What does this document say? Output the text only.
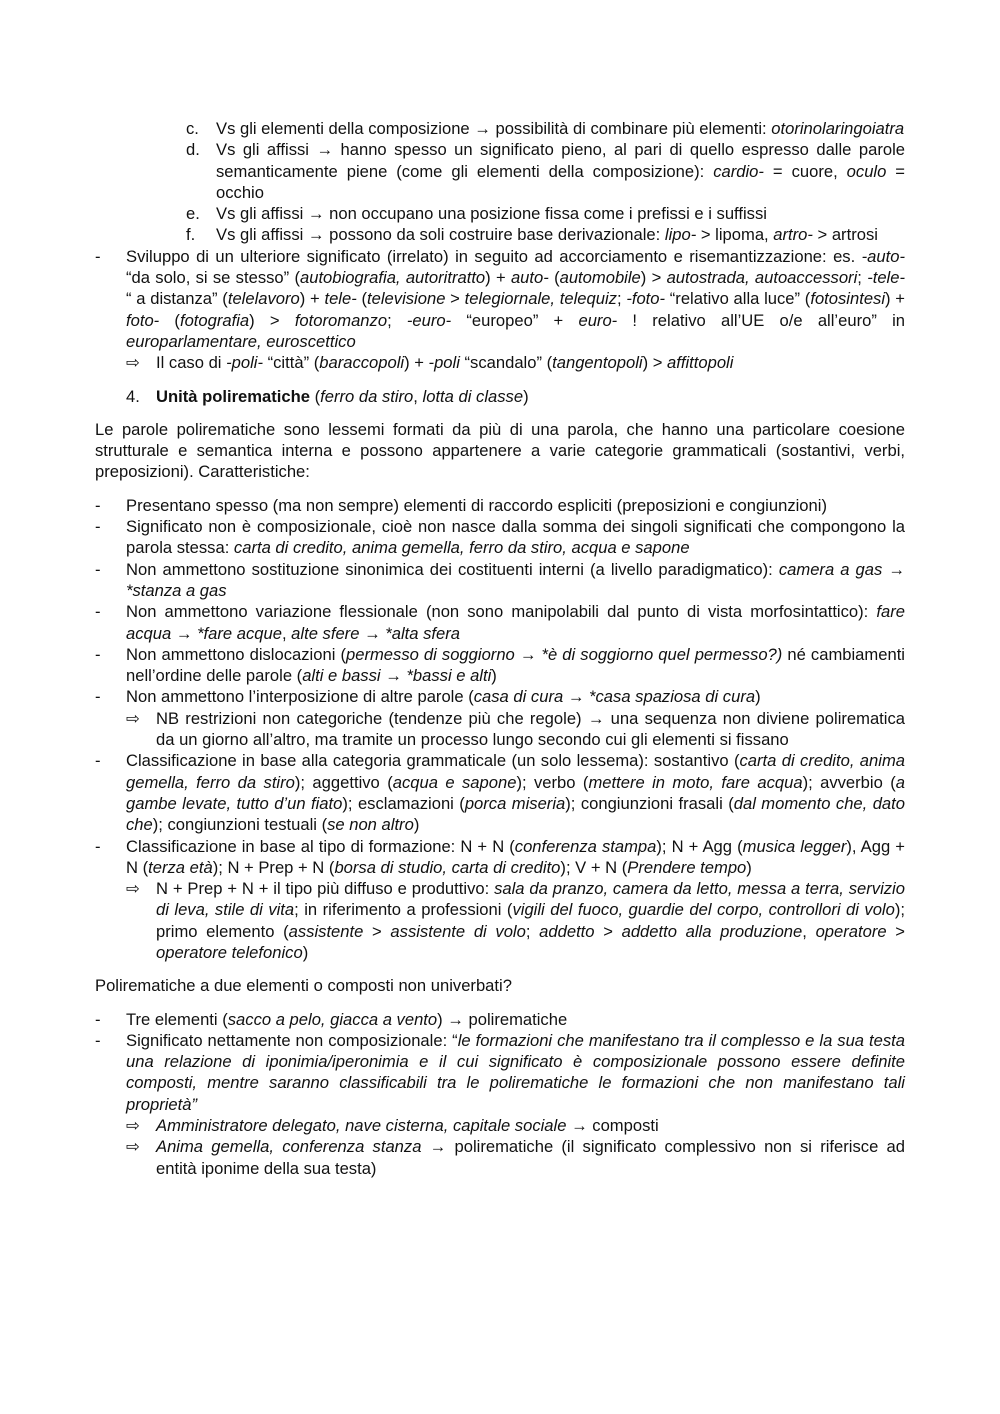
c. Vs gli elementi della composizione → possibilità di combinare più elementi: otorinolaringoiatra
d. Vs gli affissi → hanno spesso un significato pieno, al pari di quello espresso dalle parole semanticamente piene (come gli elementi della composizione): cardio- = cuore, oculo = occhio
e. Vs gli affissi → non occupano una posizione fissa come i prefissi e i suffissi
f. Vs gli affissi → possono da soli costruire base derivazionale: lipo- > lipoma, artro- > artrosi
- Sviluppo di un ulteriore significato (irrelato) in seguito ad accorciamento e risemantizzazione: es. -auto- “da solo, si se stesso” (autobiografia, autoritratto) + auto- (automobile) > autostrada, autoaccessori; -tele- “ a distanza” (telelavoro) + tele- (televisione > telegiornale, telequiz; -foto- “relativo alla luce” (fotosintesi) + foto- (fotografia) > fotoromanzo; -euro- “europeo” + euro- ! relativo all’UE o/e all’euro” in europarlamentare, euroscettico
⇨ Il caso di -poli- “città” (baraccopoli) + -poli “scandalo” (tangentopoli) > affittopoli
4. Unità polirematiche (ferro da stiro, lotta di classe)

Le parole polirematiche sono lessemi formati da più di una parola, che hanno una particolare coesione strutturale e semantica interna e possono appartenere a varie categorie grammaticali (sostantivi, verbi, preposizioni). Caratteristiche:

- Presentano spesso (ma non sempre) elementi di raccordo espliciti (preposizioni e congiunzioni)
- Significato non è composizionale, cioè non nasce dalla somma dei singoli significati che compongono la parola stessa: carta di credito, anima gemella, ferro da stiro, acqua e sapone
- Non ammettono sostituzione sinonimica dei costituenti interni (a livello paradigmatico): camera a gas → *stanza a gas
- Non ammettono variazione flessionale (non sono manipolabili dal punto di vista morfosintattico): fare acqua → *fare acque, alte sfere → *alta sfera
- Non ammettono dislocazioni (permesso di soggiorno → *è di soggiorno quel permesso?) né cambiamenti nell’ordine delle parole (alti e bassi → *bassi e alti)
- Non ammettono l’interposizione di altre parole (casa di cura → *casa spaziosa di cura)
⇨ NB restrizioni non categoriche (tendenze più che regole) → una sequenza non diviene polirematica da un giorno all’altro, ma tramite un processo lungo secondo cui gli elementi si fissano
- Classificazione in base alla categoria grammaticale (un solo lessema): sostantivo (carta di credito, anima gemella, ferro da stiro); aggettivo (acqua e sapone); verbo (mettere in moto, fare acqua); avverbio (a gambe levate, tutto d’un fiato); esclamazioni (porca miseria); congiunzioni frasali (dal momento che, dato che); congiunzioni testuali (se non altro)
- Classificazione in base al tipo di formazione: N + N (conferenza stampa); N + Agg (musica legger), Agg + N (terza età); N + Prep + N (borsa di studio, carta di credito); V + N (Prendere tempo)
⇨ N + Prep + N + il tipo più diffuso e produttivo: sala da pranzo, camera da letto, messa a terra, servizio di leva, stile di vita; in riferimento a professioni (vigili del fuoco, guardie del corpo, controllori di volo); primo elemento (assistente > assistente di volo; addetto > addetto alla produzione, operatore > operatore telefonico)

Polirematiche a due elementi o composti non univerbati?

- Tre elementi (sacco a pelo, giacca a vento) → polirematiche
- Significato nettamente non composizionale: “le formazioni che manifestano tra il complesso e la sua testa una relazione di iponimia/iperonimia e il cui significato è composizionale possono essere definite composti, mentre saranno classificabili tra le polirematiche le formazioni che non manifestano tali proprietà”
⇨ Amministratore delegato, nave cisterna, capitale sociale → composti
⇨ Anima gemella, conferenza stanza → polirematiche (il significato complessivo non si riferisce ad entità iponime della sua testa)
